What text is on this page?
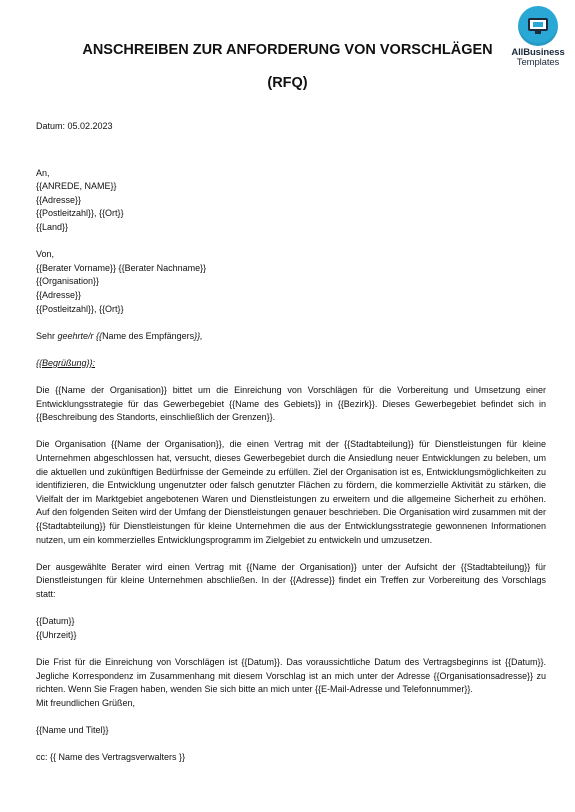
AllBusiness
Templates
ANSCHREIBEN ZUR ANFORDERUNG VON VORSCHLÄGEN
(RFQ)

Datum: 05.02.2023

An,

{{ANREDE, NAME}}

{{Adresse}}

{{Postleitzahl}}, {{Ort}}

{{Land}}

Von,

{{Berater Vorname}} {{Berater Nachname}}

{{Organisation}}

{{Adresse}}

{{Postleitzahl}}, {{Ort}}

Sehr geehrte/r {{Name des Empfängers}},

{{Begrüßung}}:

Die {{Name der Organisation}} bittet um die Einreichung von Vorschlägen für die Vorbereitung und Umsetzung einer Entwicklungsstrategie für das Gewerbegebiet {{Name des Gebiets}} in {{Bezirk}}. Dieses Gewerbegebiet befindet sich in {{Beschreibung des Standorts, einschließlich der Grenzen}}.

Die Organisation {{Name der Organisation}}, die einen Vertrag mit der {{Stadtabteilung}} für Dienstleistungen für kleine Unternehmen abgeschlossen hat, versucht, dieses Gewerbegebiet durch die Ansiedlung neuer Entwicklungen zu beleben, um die aktuellen und zukünftigen Bedürfnisse der Gemeinde zu erfüllen. Ziel der Organisation ist es, Entwicklungsmöglichkeiten zu identifizieren, die Entwicklung ungenutzter oder falsch genutzter Flächen zu fördern, die kommerzielle Aktivität zu stärken, die Vielfalt der im Marktgebiet angebotenen Waren und Dienstleistungen zu erweitern und die allgemeine Sicherheit zu erhöhen. Auf den folgenden Seiten wird der Umfang der Dienstleistungen genauer beschrieben. Die Organisation wird zusammen mit der {{Stadtabteilung}} für Dienstleistungen für kleine Unternehmen die aus der Entwicklungsstrategie gewonnenen Informationen nutzen, um ein kommerzielles Entwicklungsprogramm im Zielgebiet zu entwickeln und umzusetzen.

Der ausgewählte Berater wird einen Vertrag mit {{Name der Organisation}} unter der Aufsicht der {{Stadtabteilung}} für Dienstleistungen für kleine Unternehmen abschließen. In der {{Adresse}} findet ein Treffen zur Vorbereitung des Vorschlags statt:

{{Datum}}

{{Uhrzeit}}

Die Frist für die Einreichung von Vorschlägen ist {{Datum}}. Das voraussichtliche Datum des Vertragsbeginns ist {{Datum}}. Jegliche Korrespondenz im Zusammenhang mit diesem Vorschlag ist an mich unter der Adresse {{Organisationsadresse}} zu richten. Wenn Sie Fragen haben, wenden Sie sich bitte an mich unter {{E-Mail-Adresse und Telefonnummer}}.

Mit freundlichen Grüßen,

{{Name und Titel}}

cc: {{ Name des Vertragsverwalters }}
